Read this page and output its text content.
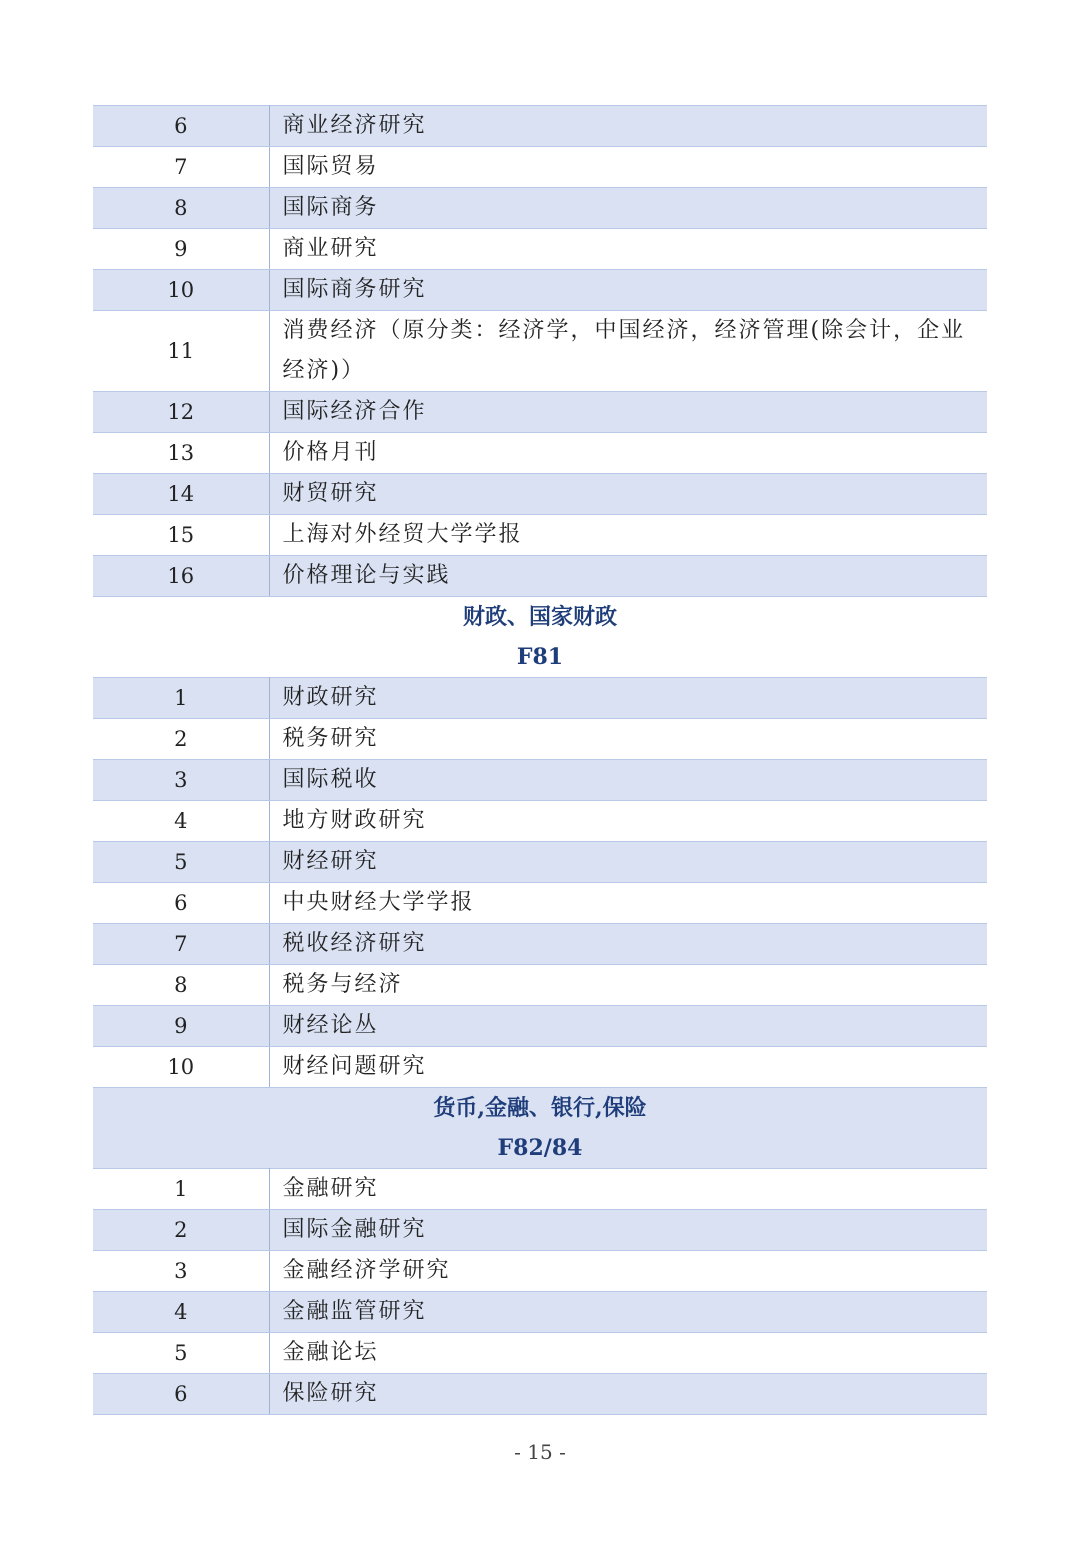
6	商业经济研究
7	国际贸易
8	国际商务
9	商业研究
10	国际商务研究
11	消费经济（原分类：经济学，中国经济，经济管理(除会计，企业经济)）
12	国际经济合作
13	价格月刊
14	财贸研究
15	上海对外经贸大学学报
16	价格理论与实践
财政、国家财政	
F81	
1	财政研究
2	税务研究
3	国际税收
4	地方财政研究
5	财经研究
6	中央财经大学学报
7	税收经济研究
8	税务与经济
9	财经论丛
10	财经问题研究
货币,金融、银行,保险	
F82/84	
1	金融研究
2	国际金融研究
3	金融经济学研究
4	金融监管研究
5	金融论坛
6	保险研究
- 15 -
